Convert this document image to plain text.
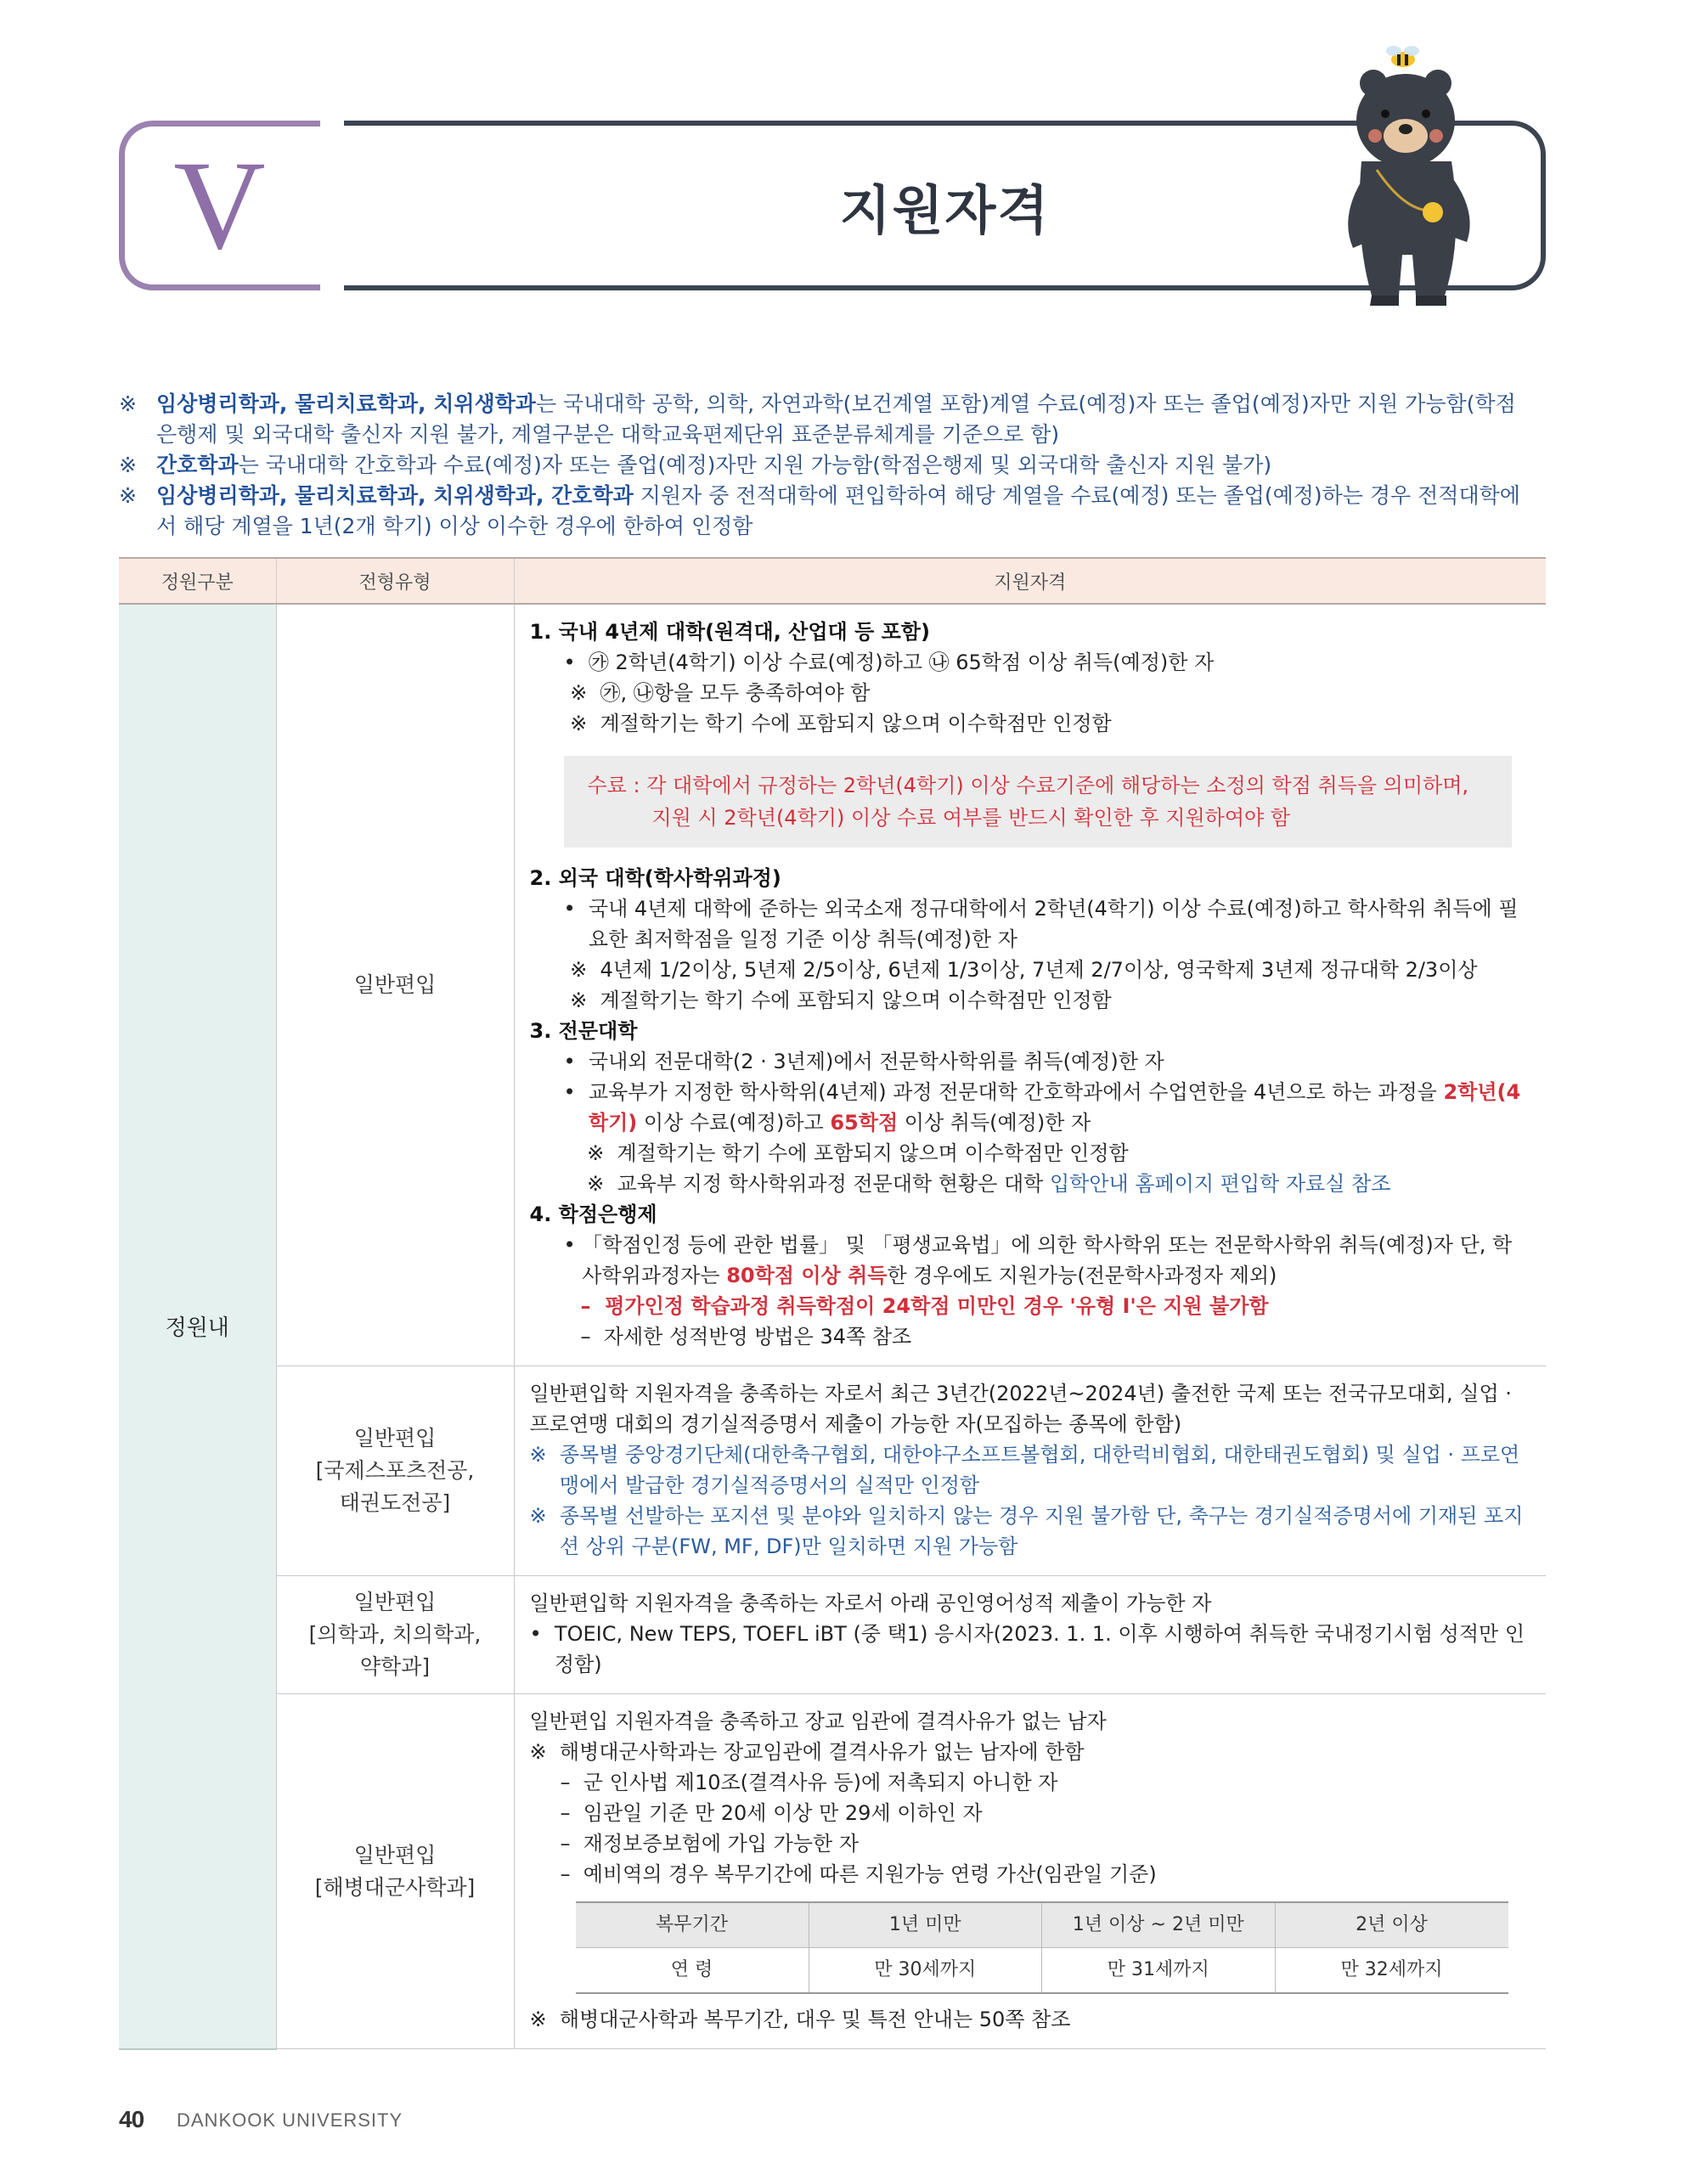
V	지원자격
※ 임상병리학과, 물리치료학과, 치위생학과는 국내대학 공학, 의학, 자연과학(보건계열 포함)계열 수료(예정)자 또는 졸업(예정)자만 지원 가능함(학점은행제 및 외국대학 출신자 지원 불가, 계열구분은 대학교육편제단위 표준분류체계를 기준으로 함)
※ 간호학과는 국내대학 간호학과 수료(예정)자 또는 졸업(예정)자만 지원 가능함(학점은행제 및 외국대학 출신자 지원 불가)
※ 임상병리학과, 물리치료학과, 치위생학과, 간호학과 지원자 중 전적대학에 편입학하여 해당 계열을 수료(예정) 또는 졸업(예정)하는 경우 전적대학에서 해당 계열을 1년(2개 학기) 이상 이수한 경우에 한하여 인정함
정원구분	전형유형	지원자격
정원내	일반편입	
1. 국내 4년제 대학(원격대, 산업대 등 포함)
•  ㉮ 2학년(4학기) 이상 수료(예정)하고 ㉯ 65학점 이상 취득(예정)한 자
※  ㉮, ㉯항을 모두 충족하여야 함
※  계절학기는 학기 수에 포함되지 않으며 이수학점만 인정함
수료 : 각 대학에서 규정하는 2학년(4학기) 이상 수료기준에 해당하는 소정의 학점 취득을 의미하며,
지원 시 2학년(4학기) 이상 수료 여부를 반드시 확인한 후 지원하여야 함
2. 외국 대학(학사학위과정)
• 국내 4년제 대학에 준하는 외국소재 정규대학에서 2학년(4학기) 이상 수료(예정)하고 학사학위 취득에 필요한 최저학점을 일정 기준 이상 취득(예정)한 자
※  4년제 1/2이상, 5년제 2/5이상, 6년제 1/3이상, 7년제 2/7이상, 영국학제 3년제 정규대학 2/3이상
※  계절학기는 학기 수에 포함되지 않으며 이수학점만 인정함
3. 전문대학
•  국내외 전문대학(2 · 3년제)에서 전문학사학위를 취득(예정)한 자
• 교육부가 지정한 학사학위(4년제) 과정 전문대학 간호학과에서 수업연한을 4년으로 하는 과정을 2학년(4학기) 이상 수료(예정)하고 65학점 이상 취득(예정)한 자
※  계절학기는 학기 수에 포함되지 않으며 이수학점만 인정함
※  교육부 지정 학사학위과정 전문대학 현황은 대학 입학안내 홈페이지 편입학 자료실 참조
4. 학점은행제
• 「학점인정 등에 관한 법률」 및 「평생교육법」에 의한 학사학위 또는 전문학사학위 취득(예정)자 단, 학사학위과정자는 80학점 이상 취득한 경우에도 지원가능(전문학사과정자 제외)
–  평가인정 학습과정 취득학점이 24학점 미만인 경우 '유형 I'은 지원 불가함
–  자세한 성적반영 방법은 34쪽 참조

일반편입
[국제스포츠전공,
태권도전공]

일반편입학 지원자격을 충족하는 자로서 최근 3년간(2022년~2024년) 출전한 국제 또는 전국규모대회, 실업 · 프로연맹 대회의 경기실적증명서 제출이 가능한 자(모집하는 종목에 한함)
※ 종목별 중앙경기단체(대한축구협회, 대한야구소프트볼협회, 대한럭비협회, 대한태권도협회) 및 실업 · 프로연맹에서 발급한 경기실적증명서의 실적만 인정함
※ 종목별 선발하는 포지션 및 분야와 일치하지 않는 경우 지원 불가함 단, 축구는 경기실적증명서에 기재된 포지션 상위 구분(FW, MF, DF)만 일치하면 지원 가능함

일반편입
[의학과, 치의학과,
약학과]

일반편입학 지원자격을 충족하는 자로서 아래 공인영어성적 제출이 가능한 자
• TOEIC, New TEPS, TOEFL iBT (중 택1) 응시자(2023. 1. 1. 이후 시행하여 취득한 국내정기시험 성적만 인정함)

일반편입
[해병대군사학과]

일반편입 지원자격을 충족하고 장교 임관에 결격사유가 없는 남자
※  해병대군사학과는 장교임관에 결격사유가 없는 남자에 한함
–  군 인사법 제10조(결격사유 등)에 저촉되지 아니한 자
–  임관일 기준 만 20세 이상 만 29세 이하인 자
–  재정보증보험에 가입 가능한 자
–  예비역의 경우 복무기간에 따른 지원가능 연령 가산(임관일 기준)
복무기간	1년 미만	1년 이상 ~ 2년 미만	2년 이상
연 령	만 30세까지	만 31세까지	만 32세까지
※  해병대군사학과 복무기간, 대우 및 특전 안내는 50쪽 참조
40 DANKOOK UNIVERSITY
